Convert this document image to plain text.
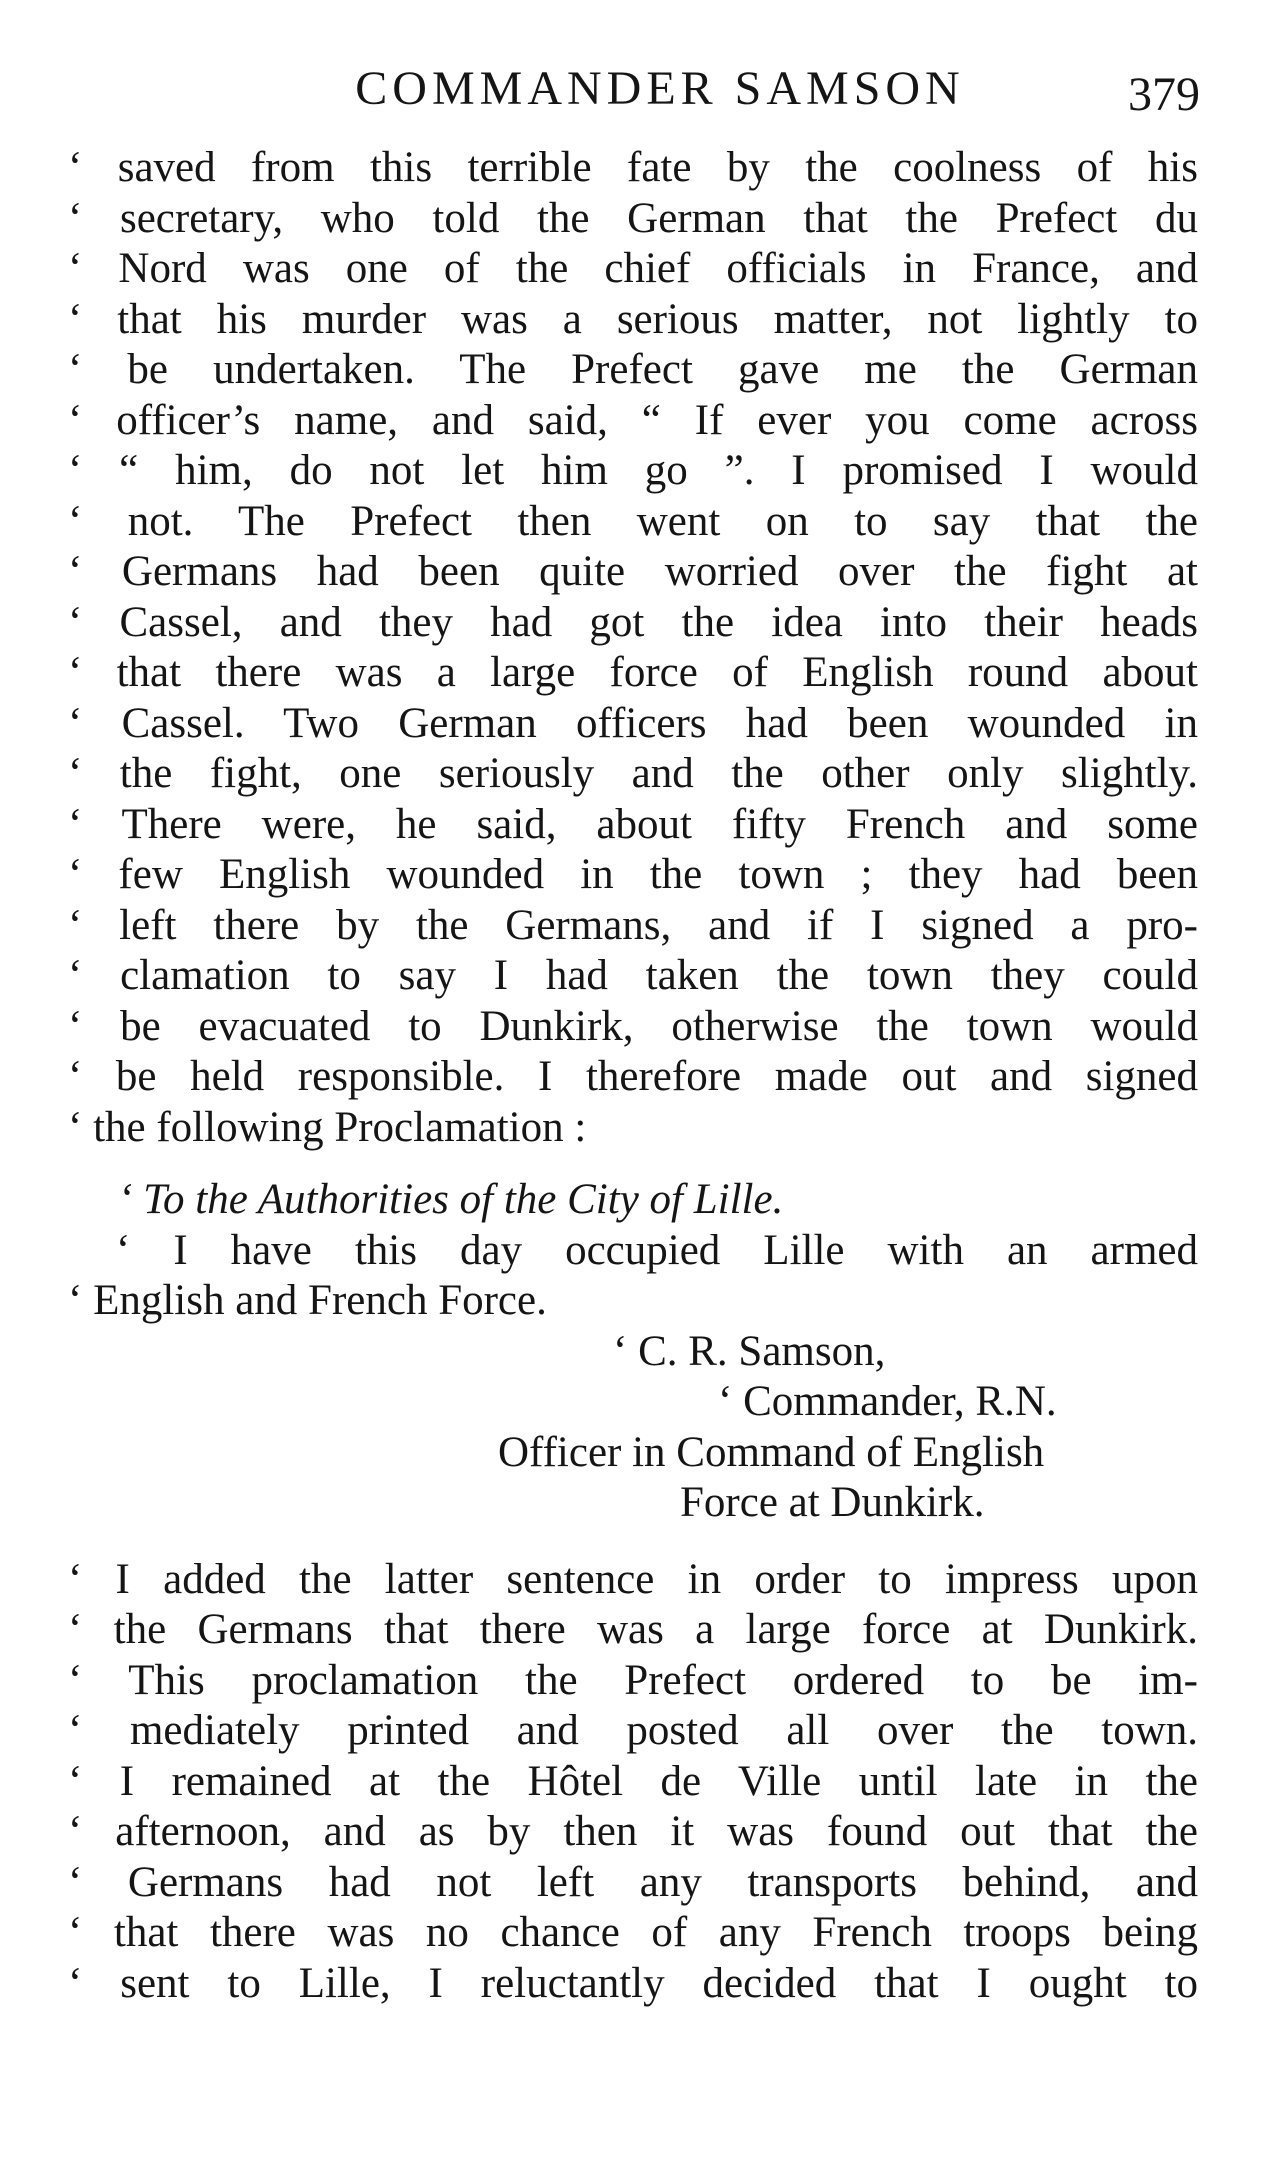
COMMANDER SAMSON	379
‘ saved from this terrible fate by the coolness of his
‘ secretary, who told the German that the Prefect du
‘ Nord was one of the chief officials in France, and
‘ that his murder was a serious matter, not lightly to
‘ be undertaken. The Prefect gave me the German
‘ officer’s name, and said, “ If ever you come across
‘ “ him, do not let him go ”. I promised I would
‘ not. The Prefect then went on to say that the
‘ Germans had been quite worried over the fight at
‘ Cassel, and they had got the idea into their heads
‘ that there was a large force of English round about
‘ Cassel. Two German officers had been wounded in
‘ the fight, one seriously and the other only slightly.
‘ There were, he said, about fifty French and some
‘ few English wounded in the town ; they had been
‘ left there by the Germans, and if I signed a pro-
‘ clamation to say I had taken the town they could
‘ be evacuated to Dunkirk, otherwise the town would
‘ be held responsible. I therefore made out and signed
‘ the following Proclamation :
‘ To the Authorities of the City of Lille.
‘ I have this day occupied Lille with an armed
‘ English and French Force.
‘ C. R. Samson,
‘ Commander, R.N.
Officer in Command of English
Force at Dunkirk.
‘ I added the latter sentence in order to impress upon
‘ the Germans that there was a large force at Dunkirk.
‘ This proclamation the Prefect ordered to be im-
‘ mediately printed and posted all over the town.
‘ I remained at the Hôtel de Ville until late in the
‘ afternoon, and as by then it was found out that the
‘ Germans had not left any transports behind, and
‘ that there was no chance of any French troops being
‘ sent to Lille, I reluctantly decided that I ought to
